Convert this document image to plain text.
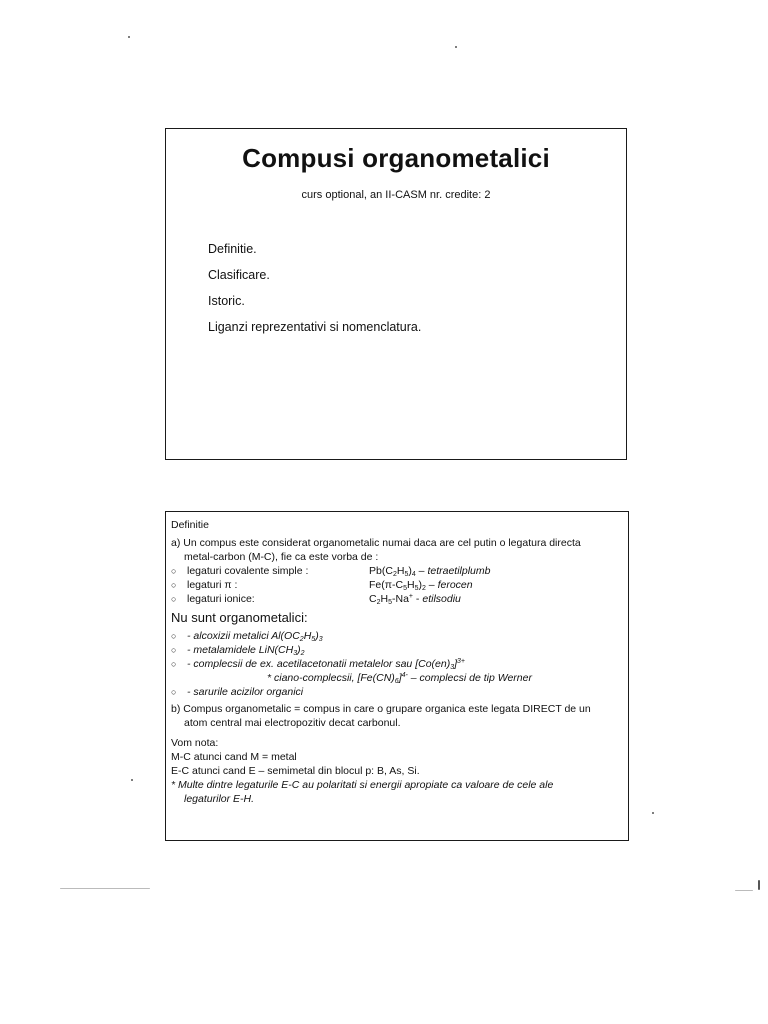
Compusi organometalici
curs optional, an II-CASM nr. credite: 2
Definitie.
Clasificare.
Istoric.
Liganzi reprezentativi si nomenclatura.
Definitie
a) Un compus este considerat organometalic numai daca are cel putin o legatura directa
metal-carbon (M-C), fie ca este vorba de :
○	legaturi covalente simple :	$Pb(C_2H_5)_4$ – tetraetilplumb
○	legaturi π :	$Fe(\pi-C_5H_5)_2$ – ferocen
○	legaturi ionice:	$C_2H_5-Na^+$ - etilsodiu
Nu sunt organometalici:
○	- alcoxizii metalici $Al(OC_2H_5)_3$
○	- metalamidele $LiN(CH_3)_2$
○	- complecsii de ex. acetilacetonatii metalelor sau $[Co(en)_3]^{3+}$
* ciano-complecsii, $[Fe(CN)_6]^{4-}$ – complecsi de tip Werner
○	- sarurile acizilor organici
b) Compus organometalic = compus in care o grupare organica este legata DIRECT de un
atom central mai electropozitiv decat carbonul.
Vom nota:
M-C atunci cand M = metal
E-C atunci cand E – semimetal din blocul p: B, As, Si.
* Multe dintre legaturile E-C au polaritati si energii apropiate ca valoare de cele ale
legaturilor E-H.
